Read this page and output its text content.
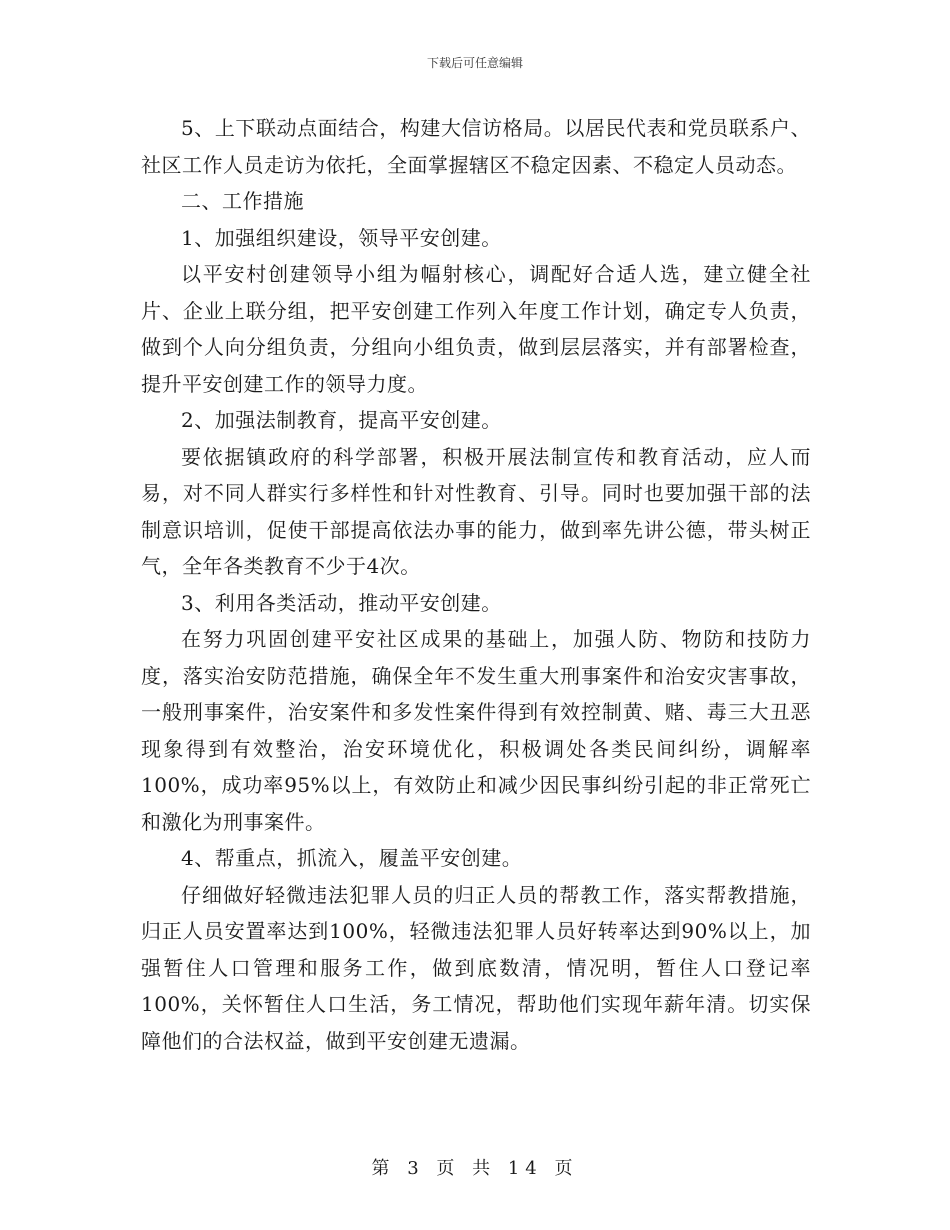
下载后可任意编辑

5、上下联动点面结合，构建大信访格局。以居民代表和党员联系户、社区工作人员走访为依托，全面掌握辖区不稳定因素、不稳定人员动态。

二、工作措施

1、加强组织建设，领导平安创建。

以平安村创建领导小组为幅射核心，调配好合适人选，建立健全社片、企业上联分组，把平安创建工作列入年度工作计划，确定专人负责，做到个人向分组负责，分组向小组负责，做到层层落实，并有部署检查，提升平安创建工作的领导力度。

2、加强法制教育，提高平安创建。

要依据镇政府的科学部署，积极开展法制宣传和教育活动，应人而易，对不同人群实行多样性和针对性教育、引导。同时也要加强干部的法制意识培训，促使干部提高依法办事的能力，做到率先讲公德，带头树正气，全年各类教育不少于4次。

3、利用各类活动，推动平安创建。

在努力巩固创建平安社区成果的基础上，加强人防、物防和技防力度，落实治安防范措施，确保全年不发生重大刑事案件和治安灾害事故，一般刑事案件，治安案件和多发性案件得到有效控制黄、赌、毒三大丑恶现象得到有效整治，治安环境优化，积极调处各类民间纠纷，调解率100%，成功率95%以上，有效防止和减少因民事纠纷引起的非正常死亡和激化为刑事案件。

4、帮重点，抓流入，履盖平安创建。

仔细做好轻微违法犯罪人员的归正人员的帮教工作，落实帮教措施，归正人员安置率达到100%，轻微违法犯罪人员好转率达到90%以上，加强暂住人口管理和服务工作，做到底数清，情况明，暂住人口登记率100%，关怀暂住人口生活，务工情况，帮助他们实现年薪年清。切实保障他们的合法权益，做到平安创建无遗漏。

第 3 页 共 14 页
